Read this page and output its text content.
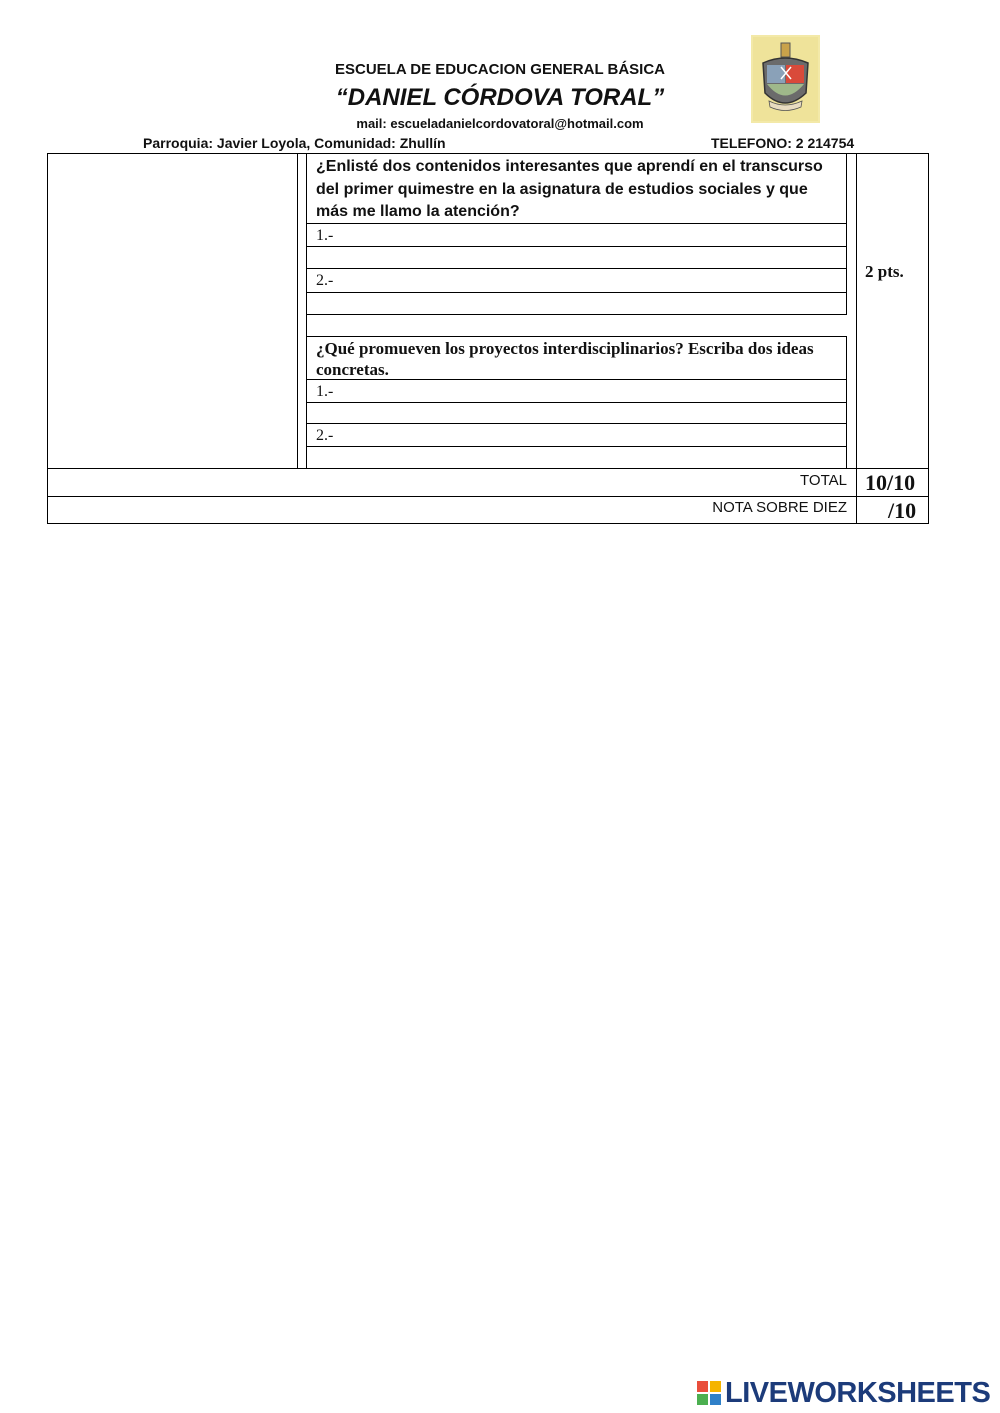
ESCUELA DE EDUCACION GENERAL BÁSICA
“DANIEL CÓRDOVA TORAL”
mail: escueladanielcordovatoral@hotmail.com
Parroquia: Javier Loyola, Comunidad: Zhullín	TELEFONO: 2 214754
¿Enlisté dos contenidos interesantes que aprendí en el transcurso del primer quimestre en la asignatura de estudios sociales y que más me llamo la atención?
1.-
2.-
¿Qué promueven los proyectos interdisciplinarios? Escriba dos ideas concretas.
1.-
2.-
2 pts.
TOTAL 10/10
NOTA SOBRE DIEZ /10
LIVEWORKSHEETS
